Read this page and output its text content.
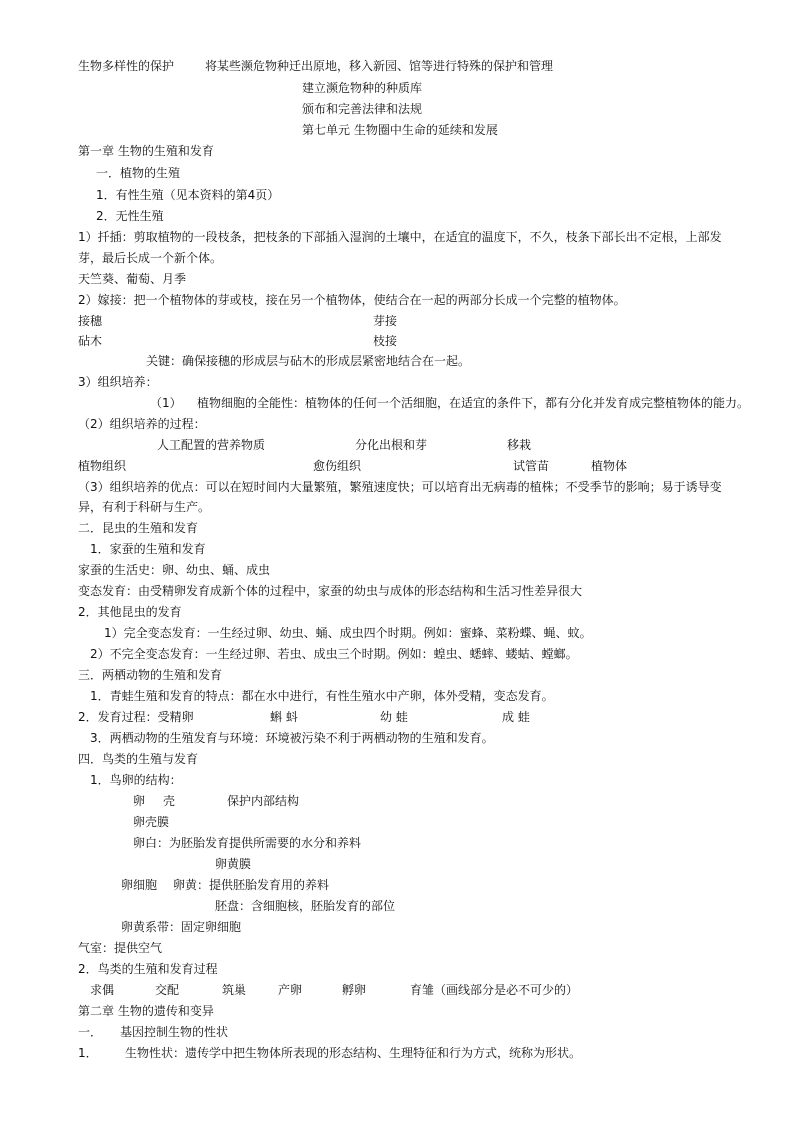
生物多样性的保护	将某些濒危物种迁出原地，移入新园、馆等进行特殊的保护和管理
建立濒危物种的种质库
颁布和完善法律和法规
第七单元 生物圈中生命的延续和发展
第一章 生物的生殖和发育
一．植物的生殖
1．有性生殖（见本资料的第4页）
2．无性生殖
1）扦插：剪取植物的一段枝条，把枝条的下部插入湿润的土壤中，在适宜的温度下，不久，枝条下部长出不定根，上部发
芽，最后长成一个新个体。
天竺葵、葡萄、月季
2）嫁接：把一个植物体的芽或枝，接在另一个植物体，使结合在一起的两部分长成一个完整的植物体。
接穗	芽接
砧木	枝接
关键：确保接穗的形成层与砧木的形成层紧密地结合在一起。
3）组织培养：
（1） 植物细胞的全能性：植物体的任何一个活细胞，在适宜的条件下，都有分化并发育成完整植物体的能力。
（2）组织培养的过程：
人工配置的营养物质	分化出根和芽	移栽
植物组织	愈伤组织	试管苗	植物体
（3）组织培养的优点：可以在短时间内大量繁殖，繁殖速度快；可以培育出无病毒的植株；不受季节的影响；易于诱导变
异，有利于科研与生产。
二．昆虫的生殖和发育
1．家蚕的生殖和发育
家蚕的生活史：卵、幼虫、蛹、成虫
变态发育：由受精卵发育成新个体的过程中，家蚕的幼虫与成体的形态结构和生活习性差异很大
2．其他昆虫的发育
1）完全变态发育：一生经过卵、幼虫、蛹、成虫四个时期。例如：蜜蜂、菜粉蝶、蝇、蚊。
2）不完全变态发育：一生经过卵、若虫、成虫三个时期。例如：蝗虫、蟋蟀、蝼蛄、螳螂。
三．两栖动物的生殖和发育
1．青蛙生殖和发育的特点：都在水中进行，有性生殖水中产卵，体外受精，变态发育。
2．发育过程：受精卵	蝌 蚪	幼 蛙	成 蛙
3．两栖动物的生殖发育与环境：环境被污染不利于两栖动物的生殖和发育。
四．鸟类的生殖与发育
1．鸟卵的结构：
卵 壳	保护内部结构
卵壳膜
卵白：为胚胎发育提供所需要的水分和养料
卵黄膜
卵细胞 卵黄：提供胚胎发育用的养料
胚盘：含细胞核，胚胎发育的部位
卵黄系带：固定卵细胞
气室：提供空气
2．鸟类的生殖和发育过程
求偶	交配	筑巢	产卵	孵卵	育雏（画线部分是必不可少的）
第二章 生物的遗传和变异
一． 基因控制生物的性状
1． 生物性状：遗传学中把生物体所表现的形态结构、生理特征和行为方式，统称为形状。
